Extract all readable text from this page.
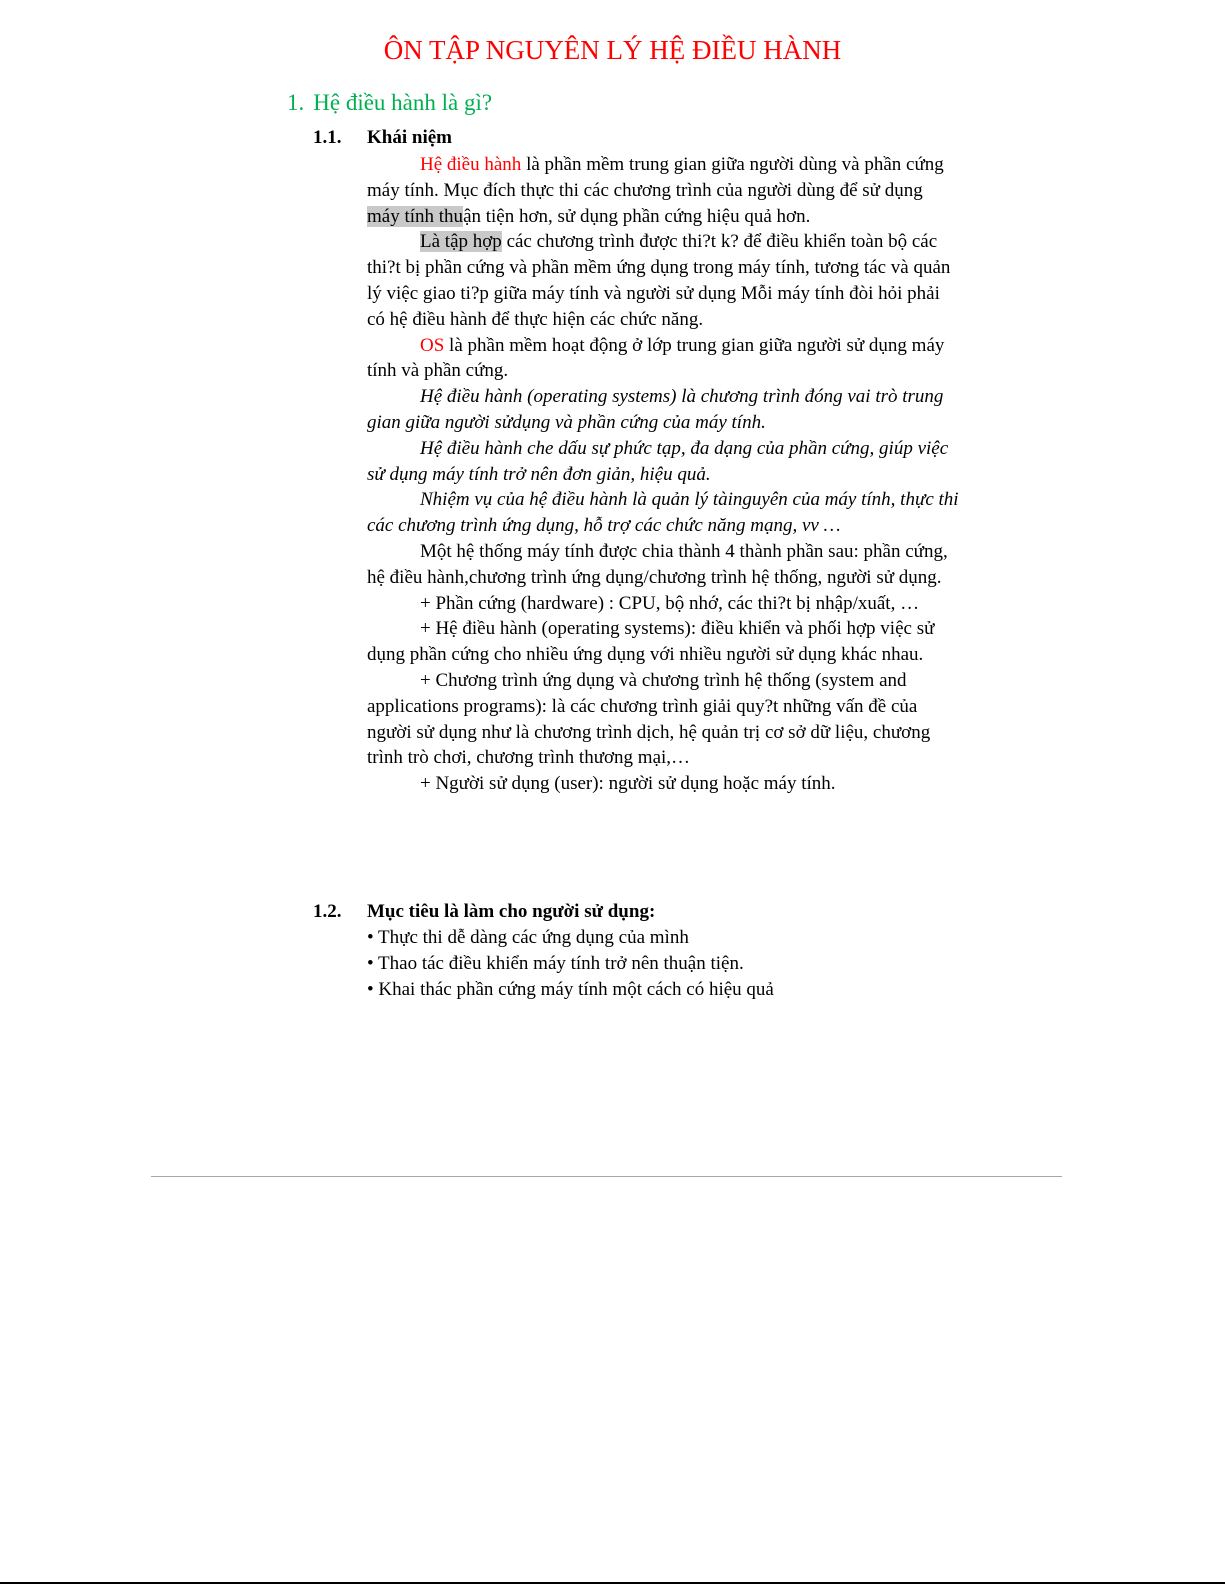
ÔN TẬP NGUYÊN LÝ HỆ ĐIỀU HÀNH
1. Hệ điều hành là gì?
1.1. Khái niệm

Hệ điều hành là phần mềm trung gian giữa người dùng và phần cứng máy tính. Mục đích thực thi các chương trình của người dùng để sử dụng máy tính thuận tiện hơn, sử dụng phần cứng hiệu quả hơn.

Là tập hợp các chương trình được thi?t k? để điều khiển toàn bộ các thi?t bị phần cứng và phần mềm ứng dụng trong máy tính, tương tác và quản lý việc giao ti?p giữa máy tính và người sử dụng Mỗi máy tính đòi hỏi phải có hệ điều hành để thực hiện các chức năng.

OS là phần mềm hoạt động ở lớp trung gian giữa người sử dụng máy tính và phần cứng.

Hệ điều hành (operating systems) là chương trình đóng vai trò trung gian giữa người sửdụng và phần cứng của máy tính.

Hệ điều hành che dấu sự phức tạp, đa dạng của phần cứng, giúp việc sử dụng máy tính trở nên đơn giản, hiệu quả.

Nhiệm vụ của hệ điều hành là quản lý tàinguyên của máy tính, thực thi các chương trình ứng dụng, hỗ trợ các chức năng mạng, vv …

Một hệ thống máy tính được chia thành 4 thành phần sau: phần cứng, hệ điều hành,chương trình ứng dụng/chương trình hệ thống, người sử dụng.

+ Phần cứng (hardware) : CPU, bộ nhớ, các thi?t bị nhập/xuất, …

+ Hệ điều hành (operating systems): điều khiển và phối hợp việc sử dụng phần cứng cho nhiều ứng dụng với nhiều người sử dụng khác nhau.

+ Chương trình ứng dụng và chương trình hệ thống (system and applications programs): là các chương trình giải quy?t những vấn đề của người sử dụng như là chương trình dịch, hệ quản trị cơ sở dữ liệu, chương trình trò chơi, chương trình thương mại,…

+ Người sử dụng (user): người sử dụng hoặc máy tính.

1.2. Mục tiêu là làm cho người sử dụng:
• Thực thi dễ dàng các ứng dụng của mình
• Thao tác điều khiển máy tính trở nên thuận tiện.
• Khai thác phần cứng máy tính một cách có hiệu quả
